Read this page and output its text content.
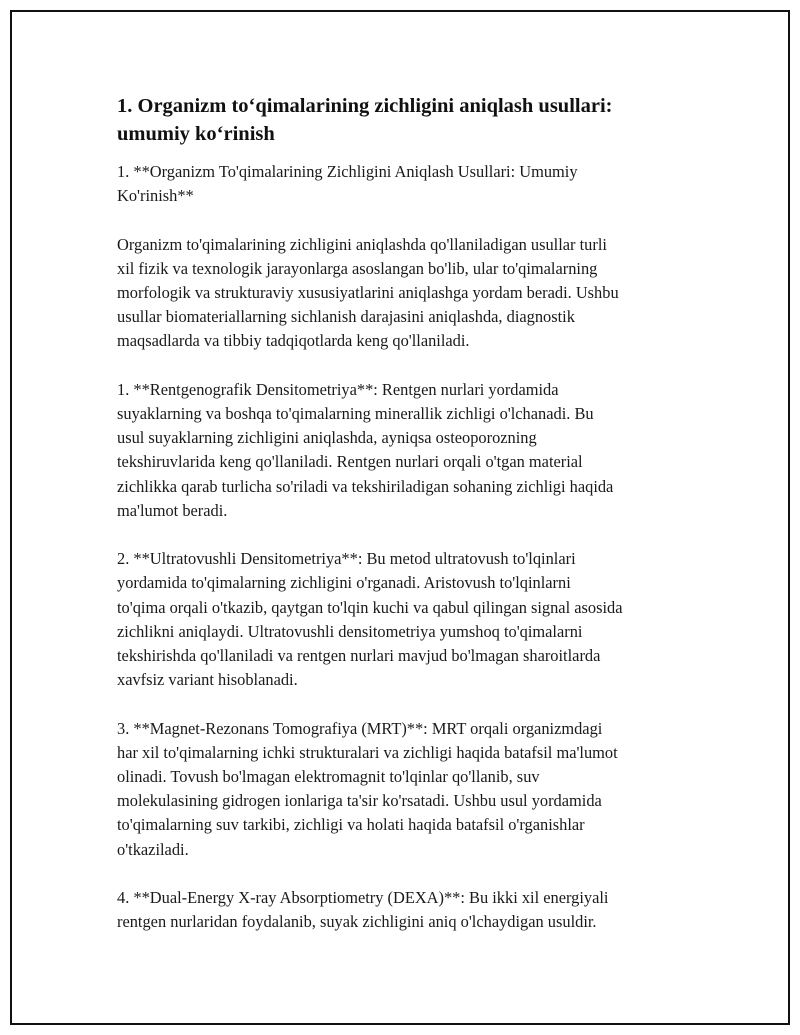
1. Organizm to‘qimalarining zichligini aniqlash usullari:
umumiy ko‘rinish

1. **Organizm To'qimalarining Zichligini Aniqlash Usullari: Umumiy
Ko'rinish**

Organizm to'qimalarining zichligini aniqlashda qo'llaniladigan usullar turli
xil fizik va texnologik jarayonlarga asoslangan bo'lib, ular to'qimalarning
morfologik va strukturaviy xususiyatlarini aniqlashga yordam beradi. Ushbu
usullar biomateriallarning sichlanish darajasini aniqlashda, diagnostik
maqsadlarda va tibbiy tadqiqotlarda keng qo'llaniladi.

1. **Rentgenografik Densitometriya**: Rentgen nurlari yordamida
suyaklarning va boshqa to'qimalarning minerallik zichligi o'lchanadi. Bu
usul suyaklarning zichligini aniqlashda, ayniqsa osteoporozning
tekshiruvlarida keng qo'llaniladi. Rentgen nurlari orqali o'tgan material
zichlikka qarab turlicha so'riladi va tekshiriladigan sohaning zichligi haqida
ma'lumot beradi.

2. **Ultratovushli Densitometriya**: Bu metod ultratovush to'lqinlari
yordamida to'qimalarning zichligini o'rganadi. Aristovush to'lqinlarni
to'qima orqali o'tkazib, qaytgan to'lqin kuchi va qabul qilingan signal asosida
zichlikni aniqlaydi. Ultratovushli densitometriya yumshoq to'qimalarni
tekshirishda qo'llaniladi va rentgen nurlari mavjud bo'lmagan sharoitlarda
xavfsiz variant hisoblanadi.

3. **Magnet-Rezonans Tomografiya (MRT)**: MRT orqali organizmdagi
har xil to'qimalarning ichki strukturalari va zichligi haqida batafsil ma'lumot
olinadi. Tovush bo'lmagan elektromagnit to'lqinlar qo'llanib, suv
molekulasining gidrogen ionlariga ta'sir ko'rsatadi. Ushbu usul yordamida
to'qimalarning suv tarkibi, zichligi va holati haqida batafsil o'rganishlar
o'tkaziladi.

4. **Dual-Energy X-ray Absorptiometry (DEXA)**: Bu ikki xil energiyali
rentgen nurlaridan foydalanib, suyak zichligini aniq o'lchaydigan usuldir.
